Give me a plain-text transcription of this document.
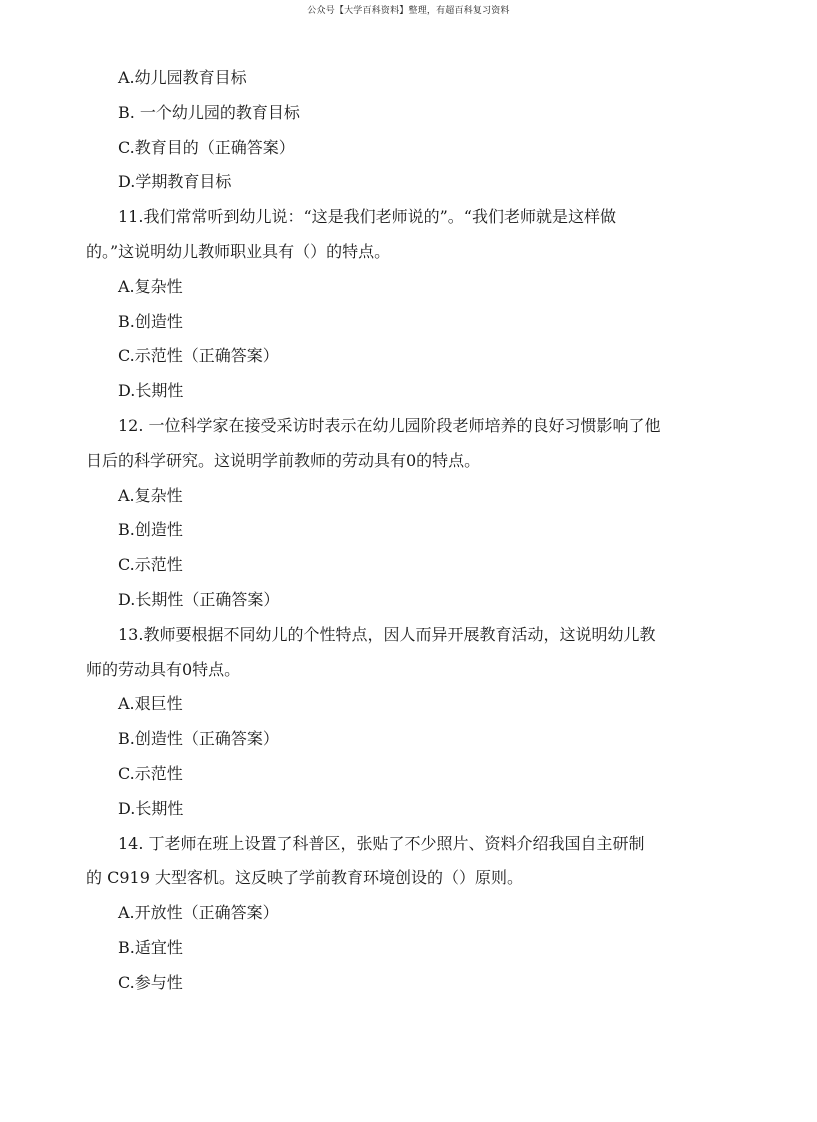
公众号【大学百科资料】整理，有超百科复习资料
A.幼儿园教育目标
B. 一个幼儿园的教育目标
C.教育目的（正确答案）
D.学期教育目标
11.我们常常听到幼儿说：“这是我们老师说的”。“我们老师就是这样做
的。”这说明幼儿教师职业具有（）的特点。
A.复杂性
B.创造性
C.示范性（正确答案）
D.长期性
12. 一位科学家在接受采访时表示在幼儿园阶段老师培养的良好习惯影响了他
日后的科学研究。这说明学前教师的劳动具有0的特点。
A.复杂性
B.创造性
C.示范性
D.长期性（正确答案）
13.教师要根据不同幼儿的个性特点，因人而异开展教育活动，这说明幼儿教
师的劳动具有0特点。
A.艰巨性
B.创造性（正确答案）
C.示范性
D.长期性
14. 丁老师在班上设置了科普区，张贴了不少照片、资料介绍我国自主研制
的 C919 大型客机。这反映了学前教育环境创设的（）原则。
A.开放性（正确答案）
B.适宜性
C.参与性
